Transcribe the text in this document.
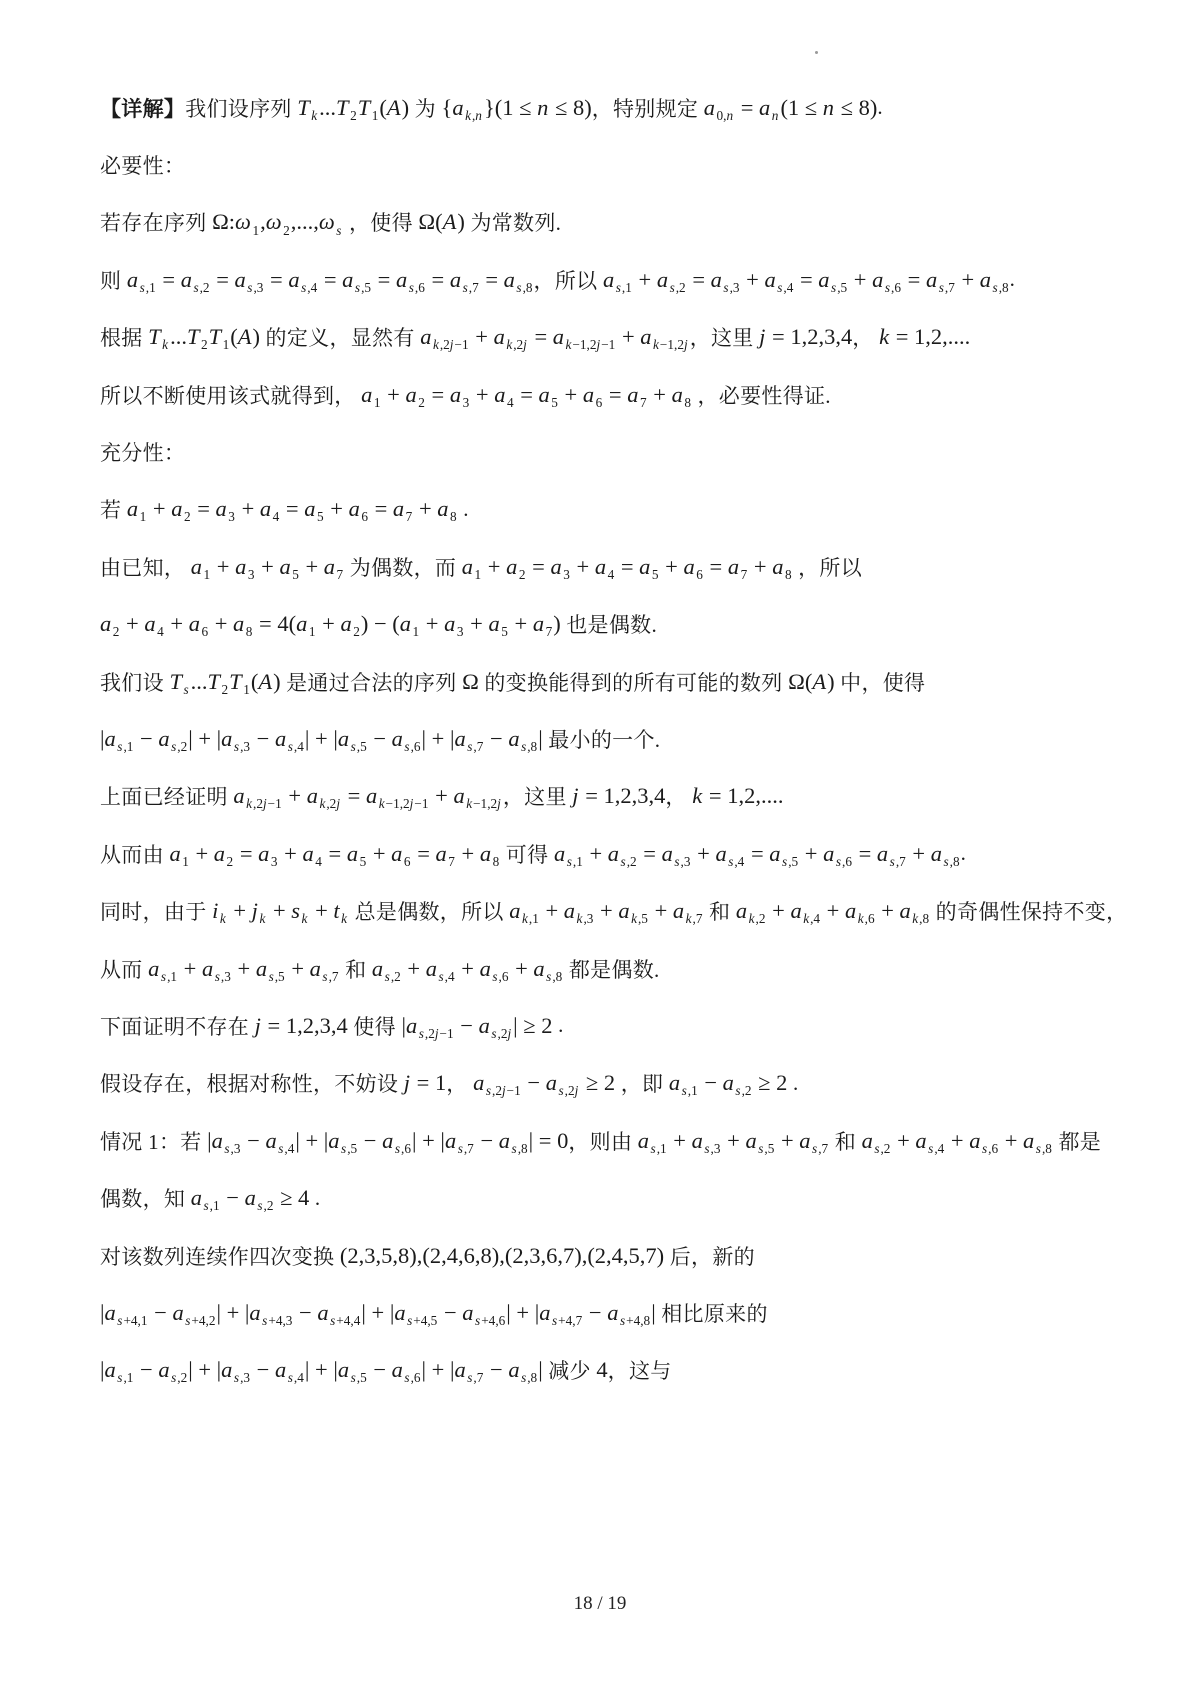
【详解】 我们设序列 T $_k$...T $_2$T $_1$(A) 为 {a $_{k,n}$}(1 ≤ n ≤ 8) ，特别规定 a $_{0,n}$ = a $_n$(1 ≤ n ≤ 8) .
必要性：
若存在序列 Ω:ω $_1$,ω $_2$,...,ω $_s$ ，使得 Ω(A) 为常数列.
则 a $_{s,1}$ = a $_{s,2}$ = a $_{s,3}$ = a $_{s,4}$ = a $_{s,5}$ = a $_{s,6}$ = a $_{s,7}$ = a $_{s,8}$ ，所以 a $_{s,1}$ + a $_{s,2}$ = a $_{s,3}$ + a $_{s,4}$ = a $_{s,5}$ + a $_{s,6}$ = a $_{s,7}$ + a $_{s,8}$ .
根据 T $_k$...T $_2$T $_1$(A) 的定义，显然有 a $_{k,2j-1}$ + a $_{k,2j}$ = a $_{k-1,2j-1}$ + a $_{k-1,2j}$ ，这里 j = 1,2,3,4 ， k = 1,2,....
所以不断使用该式就得到， a $_1$ + a $_2$ = a $_3$ + a $_4$ = a $_5$ + a $_6$ = a $_7$ + a $_8$ ，必要性得证.
充分性：
若 a $_1$ + a $_2$ = a $_3$ + a $_4$ = a $_5$ + a $_6$ = a $_7$ + a $_8$ .
由已知， a $_1$ + a $_3$ + a $_5$ + a $_7$ 为偶数，而 a $_1$ + a $_2$ = a $_3$ + a $_4$ = a $_5$ + a $_6$ = a $_7$ + a $_8$ ，所以
a $_2$ + a $_4$ + a $_6$ + a $_8$ = 4(a $_1$ + a $_2$) − (a $_1$ + a $_3$ + a $_5$ + a $_7$) 也是偶数.
我们设 T $_s$...T $_2$T $_1$(A) 是通过合法的序列 Ω 的变换能得到的所有可能的数列 Ω(A) 中，使得
|a $_{s,1}$ − a $_{s,2}$| + |a $_{s,3}$ − a $_{s,4}$| + |a $_{s,5}$ − a $_{s,6}$| + |a $_{s,7}$ − a $_{s,8}$| 最小的一个.
上面已经证明 a $_{k,2j-1}$ + a $_{k,2j}$ = a $_{k-1,2j-1}$ + a $_{k-1,2j}$ ，这里 j = 1,2,3,4 ， k = 1,2,....
从而由 a $_1$ + a $_2$ = a $_3$ + a $_4$ = a $_5$ + a $_6$ = a $_7$ + a $_8$ 可得 a $_{s,1}$ + a $_{s,2}$ = a $_{s,3}$ + a $_{s,4}$ = a $_{s,5}$ + a $_{s,6}$ = a $_{s,7}$ + a $_{s,8}$ .
同时，由于 i $_k$ + j $_k$ + s $_k$ + t $_k$ 总是偶数，所以 a $_{k,1}$ + a $_{k,3}$ + a $_{k,5}$ + a $_{k,7}$ 和 a $_{k,2}$ + a $_{k,4}$ + a $_{k,6}$ + a $_{k,8}$ 的奇偶性保持不变，
从而 a $_{s,1}$ + a $_{s,3}$ + a $_{s,5}$ + a $_{s,7}$ 和 a $_{s,2}$ + a $_{s,4}$ + a $_{s,6}$ + a $_{s,8}$ 都是偶数.
下面证明不存在 j = 1,2,3,4 使得 |a $_{s,2j-1}$ − a $_{s,2j}$| ≥ 2 .
假设存在，根据对称性，不妨设 j = 1 ， a $_{s,2j-1}$ − a $_{s,2j}$ ≥ 2 ，即 a $_{s,1}$ − a $_{s,2}$ ≥ 2 .
情况 1：若 |a $_{s,3}$ − a $_{s,4}$| + |a $_{s,5}$ − a $_{s,6}$| + |a $_{s,7}$ − a $_{s,8}$| = 0 ，则由 a $_{s,1}$ + a $_{s,3}$ + a $_{s,5}$ + a $_{s,7}$ 和 a $_{s,2}$ + a $_{s,4}$ + a $_{s,6}$ + a $_{s,8}$ 都是
偶数，知 a $_{s,1}$ − a $_{s,2}$ ≥ 4 .
对该数列连续作四次变换 (2,3,5,8),(2,4,6,8),(2,3,6,7),(2,4,5,7) 后，新的
|a $_{s+4,1}$ − a $_{s+4,2}$| + |a $_{s+4,3}$ − a $_{s+4,4}$| + |a $_{s+4,5}$ − a $_{s+4,6}$| + |a $_{s+4,7}$ − a $_{s+4,8}$| 相比原来的
|a $_{s,1}$ − a $_{s,2}$| + |a $_{s,3}$ − a $_{s,4}$| + |a $_{s,5}$ − a $_{s,6}$| + |a $_{s,7}$ − a $_{s,8}$| 减少 4 ，这与
18 / 19
